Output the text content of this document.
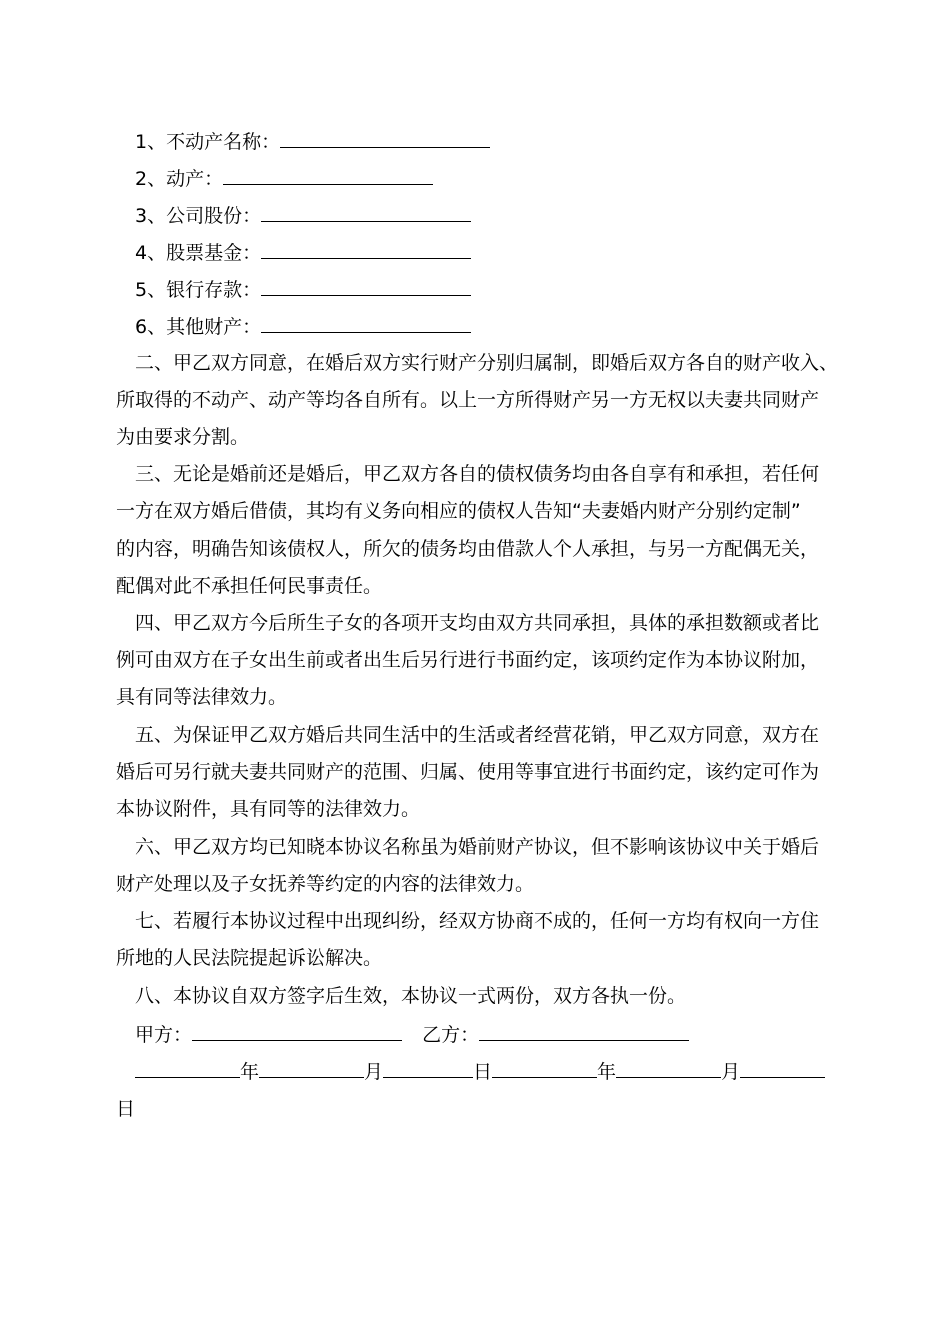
1、不动产名称：
2、动产：
3、公司股份：
4、股票基金：
5、银行存款：
6、其他财产：
二、甲乙双方同意，在婚后双方实行财产分别归属制，即婚后双方各自的财产收入、
所取得的不动产、动产等均各自所有。以上一方所得财产另一方无权以夫妻共同财产
为由要求分割。
三、无论是婚前还是婚后，甲乙双方各自的债权债务均由各自享有和承担，若任何
一方在双方婚后借债，其均有义务向相应的债权人告知“夫妻婚内财产分别约定制”
的内容，明确告知该债权人，所欠的债务均由借款人个人承担，与另一方配偶无关，
配偶对此不承担任何民事责任。
四、甲乙双方今后所生子女的各项开支均由双方共同承担，具体的承担数额或者比
例可由双方在子女出生前或者出生后另行进行书面约定，该项约定作为本协议附加，
具有同等法律效力。
五、为保证甲乙双方婚后共同生活中的生活或者经营花销，甲乙双方同意，双方在
婚后可另行就夫妻共同财产的范围、归属、使用等事宜进行书面约定，该约定可作为
本协议附件，具有同等的法律效力。
六、甲乙双方均已知晓本协议名称虽为婚前财产协议，但不影响该协议中关于婚后
财产处理以及子女抚养等约定的内容的法律效力。
七、若履行本协议过程中出现纠纷，经双方协商不成的，任何一方均有权向一方住
所地的人民法院提起诉讼解决。
八、本协议自双方签字后生效，本协议一式两份，双方各执一份。
甲方：	乙方：
年	月	日	年	月
日
